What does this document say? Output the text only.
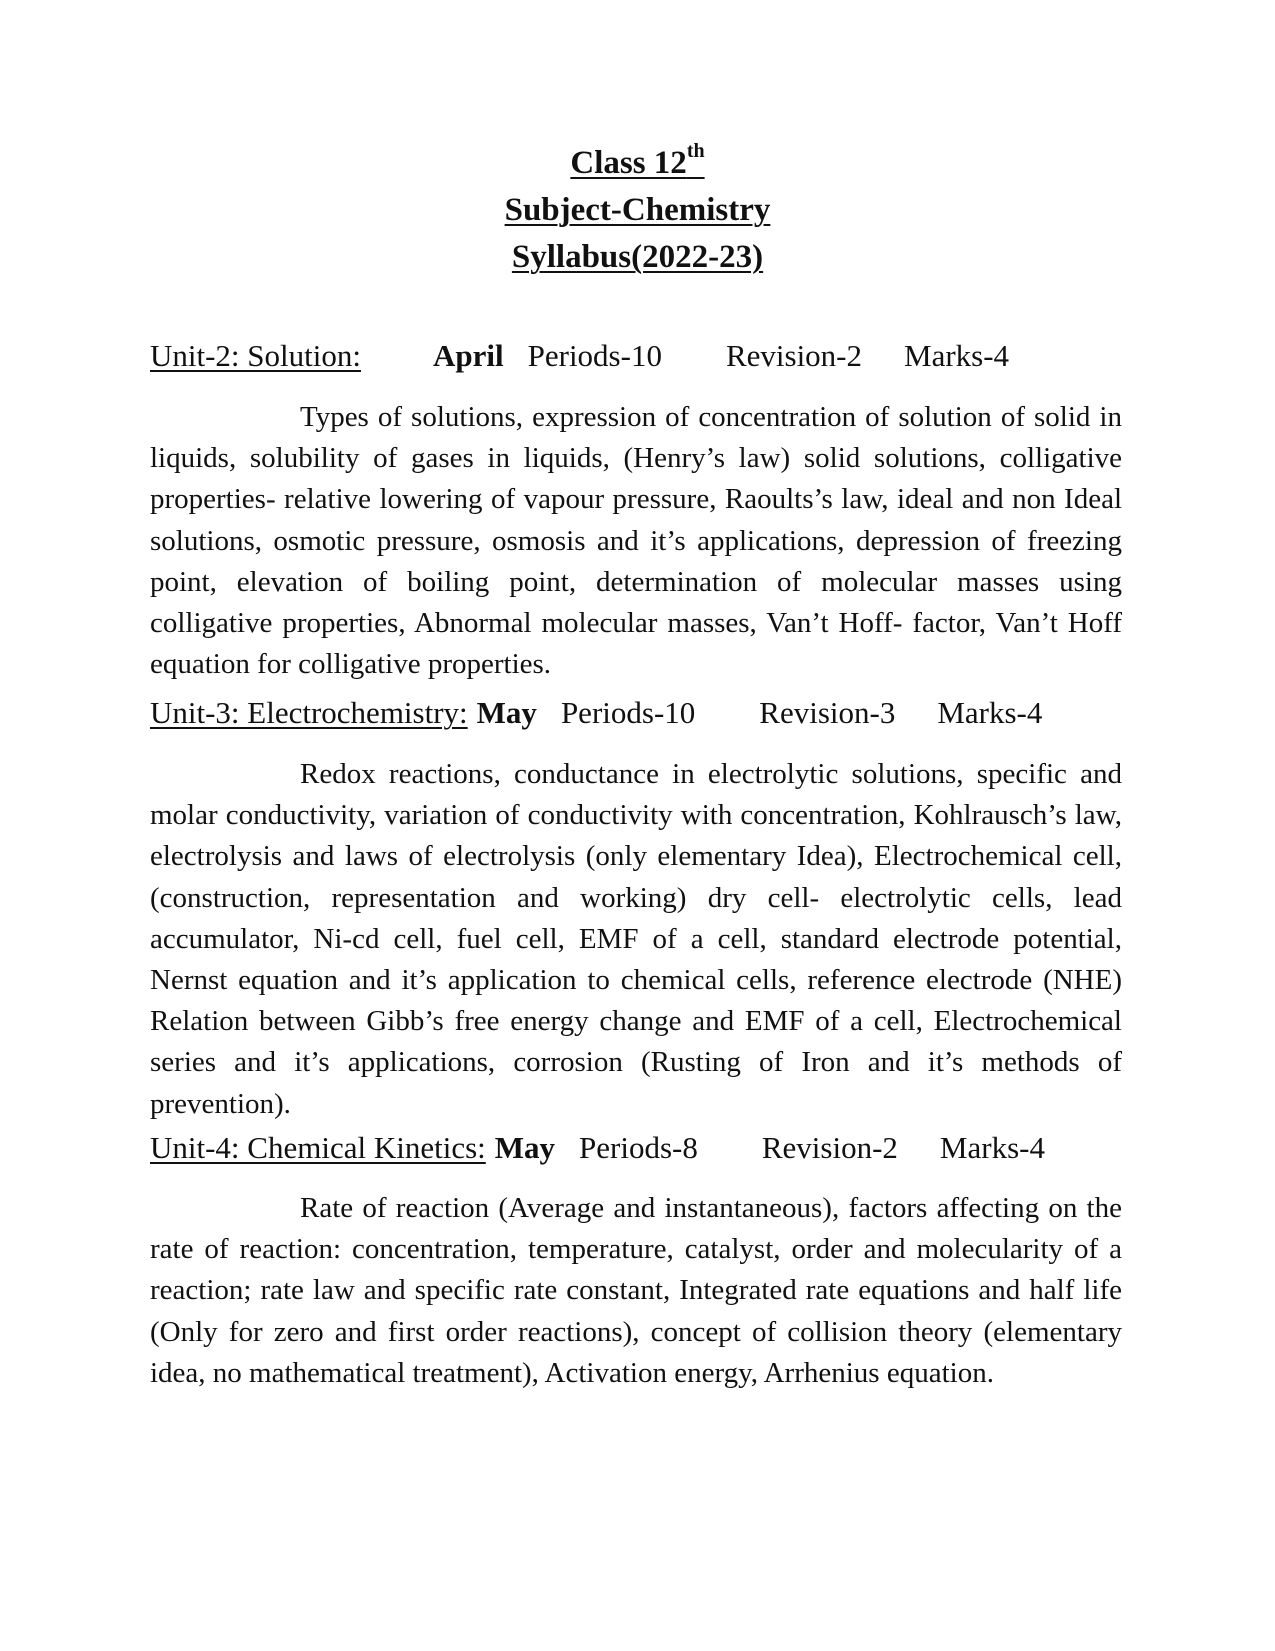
Class 12th
Subject-Chemistry
Syllabus(2022-23)
Unit-2: Solution: April Periods-10 Revision-2 Marks-4

Types of solutions, expression of concentration of solution of solid in liquids, solubility of gases in liquids, (Henry’s law) solid solutions, colligative properties- relative lowering of vapour pressure, Raoults’s law, ideal and non Ideal solutions, osmotic pressure, osmosis and it’s applications, depression of freezing point, elevation of boiling point, determination of molecular masses using colligative properties, Abnormal molecular masses, Van’t Hoff- factor, Van’t Hoff equation for colligative properties.

Unit-3: Electrochemistry: May Periods-10 Revision-3 Marks-4

Redox reactions, conductance in electrolytic solutions, specific and molar conductivity, variation of conductivity with concentration, Kohlrausch’s law, electrolysis and laws of electrolysis (only elementary Idea), Electrochemical cell, (construction, representation and working) dry cell- electrolytic cells, lead accumulator, Ni-cd cell, fuel cell, EMF of a cell, standard electrode potential, Nernst equation and it’s application to chemical cells, reference electrode (NHE) Relation between Gibb’s free energy change and EMF of a cell, Electrochemical series and it’s applications, corrosion (Rusting of Iron and it’s methods of prevention).

Unit-4: Chemical Kinetics: May Periods-8 Revision-2 Marks-4

Rate of reaction (Average and instantaneous), factors affecting on the rate of reaction: concentration, temperature, catalyst, order and molecularity of a reaction; rate law and specific rate constant, Integrated rate equations and half life (Only for zero and first order reactions), concept of collision theory (elementary idea, no mathematical treatment), Activation energy, Arrhenius equation.
